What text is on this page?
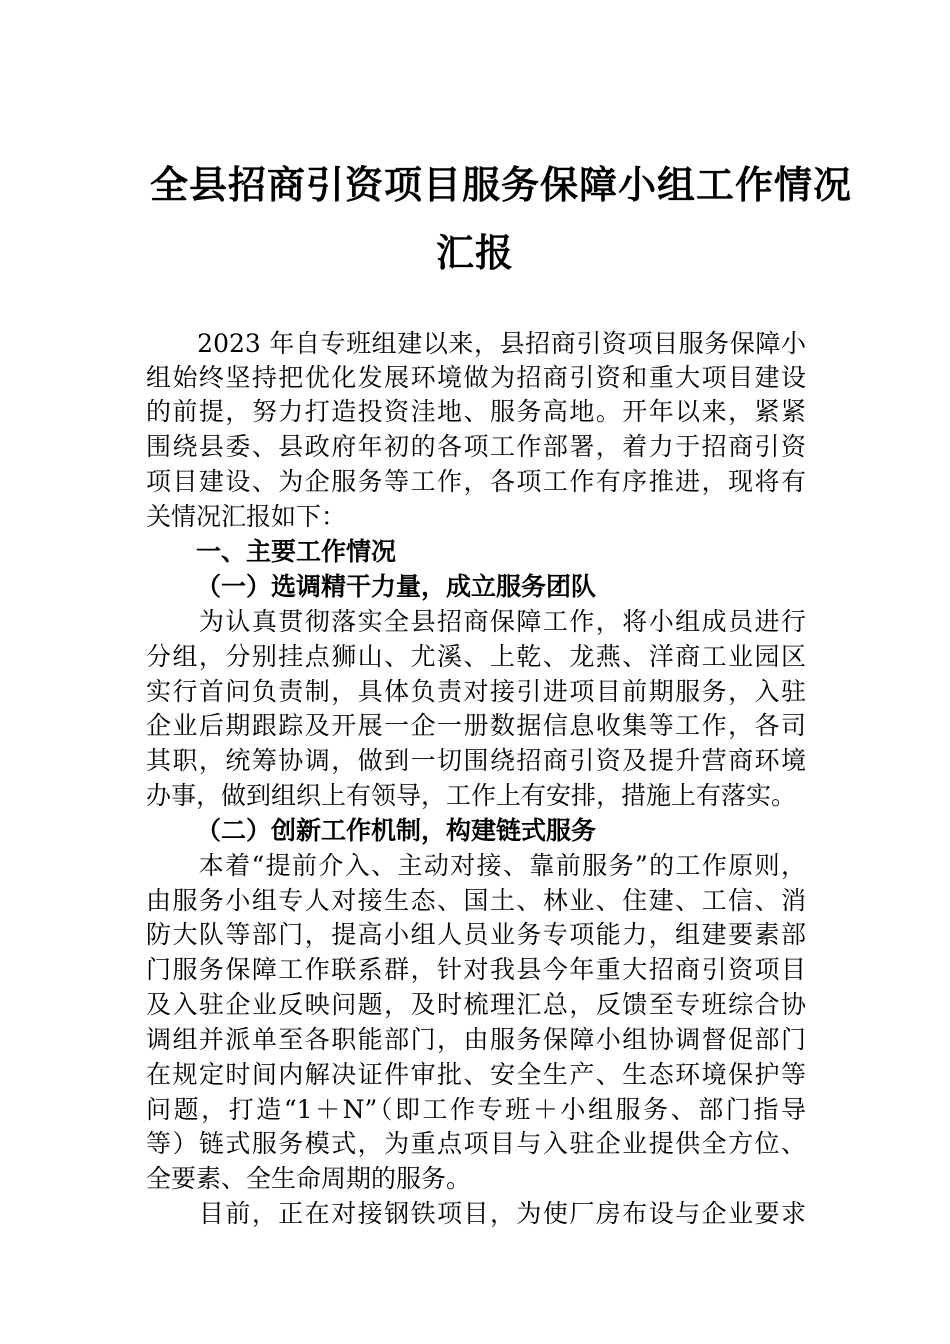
全县招商引资项目服务保障小组工作情况
汇报
　　2023 年自专班组建以来，县招商引资项目服务保障小
组始终坚持把优化发展环境做为招商引资和重大项目建设
的前提，努力打造投资洼地、服务高地。开年以来，紧紧
围绕县委、县政府年初的各项工作部署，着力于招商引资
项目建设、为企服务等工作，各项工作有序推进，现将有
关情况汇报如下：
一、主要工作情况
（一）选调精干力量，成立服务团队
　　为认真贯彻落实全县招商保障工作，将小组成员进行
分组，分别挂点狮山、尤溪、上乾、龙燕、洋商工业园区
实行首问负责制，具体负责对接引进项目前期服务，入驻
企业后期跟踪及开展一企一册数据信息收集等工作，各司
其职，统筹协调，做到一切围绕招商引资及提升营商环境
办事，做到组织上有领导，工作上有安排，措施上有落实。
（二）创新工作机制，构建链式服务
　　本着“提前介入、主动对接、靠前服务”的工作原则，
由服务小组专人对接生态、国土、林业、住建、工信、消
防大队等部门，提高小组人员业务专项能力，组建要素部
门服务保障工作联系群，针对我县今年重大招商引资项目
及入驻企业反映问题，及时梳理汇总，反馈至专班综合协
调组并派单至各职能部门，由服务保障小组协调督促部门
在规定时间内解决证件审批、安全生产、生态环境保护等
问题，打造“1＋N”（即工作专班＋小组服务、部门指导
等）链式服务模式，为重点项目与入驻企业提供全方位、
全要素、全生命周期的服务。
　　目前，正在对接钢铁项目，为使厂房布设与企业要求
